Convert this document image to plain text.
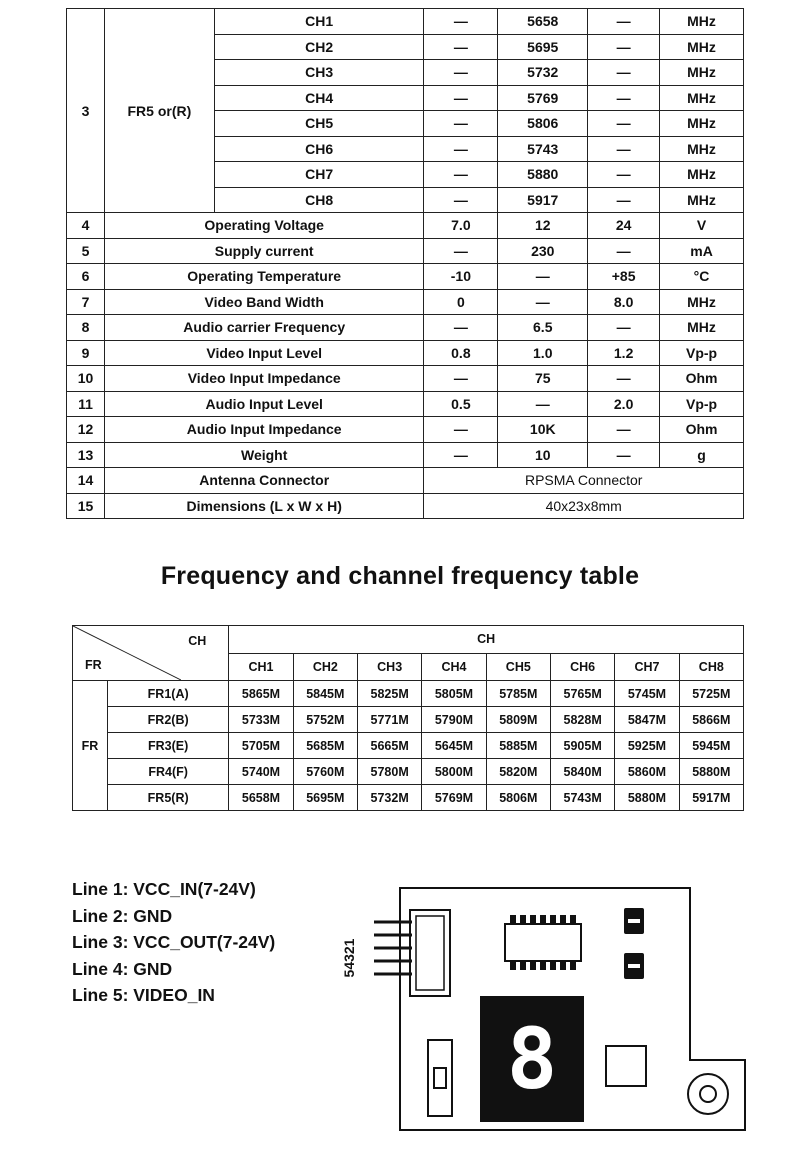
3	FR5 or(R)	CH1	—	5658	—	MHz
		CH2	—	5695	—	MHz
		CH3	—	5732	—	MHz
		CH4	—	5769	—	MHz
		CH5	—	5806	—	MHz
		CH6	—	5743	—	MHz
		CH7	—	5880	—	MHz
		CH8	—	5917	—	MHz
4	Operating Voltage		7.0	12	24	V
5	Supply current		—	230	—	mA
6	Operating Temperature		-10	—	+85	°C
7	Video Band Width		0	—	8.0	MHz
8	Audio carrier Frequency		—	6.5	—	MHz
9	Video Input Level		0.8	1.0	1.2	Vp-p
10	Video Input Impedance		—	75	—	Ohm
11	Audio Input Level		0.5	—	2.0	Vp-p
12	Audio Input Impedance		—	10K	—	Ohm
13	Weight		—	10	—	g
14	Antenna Connector		RPSMA Connector			
15	Dimensions (L x W x H)		40x23x8mm			
Frequency and channel frequency table
CH
FR		CH							
		CH1	CH2	CH3	CH4	CH5	CH6	CH7	CH8
FR	FR1(A)	5865M	5845M	5825M	5805M	5785M	5765M	5745M	5725M
	FR2(B)	5733M	5752M	5771M	5790M	5809M	5828M	5847M	5866M
	FR3(E)	5705M	5685M	5665M	5645M	5885M	5905M	5925M	5945M
	FR4(F)	5740M	5760M	5780M	5800M	5820M	5840M	5860M	5880M
	FR5(R)	5658M	5695M	5732M	5769M	5806M	5743M	5880M	5917M
Line 1: VCC_IN(7-24V)
Line 2: GND
Line 3: VCC_OUT(7-24V)
Line 4: GND
Line 5: VIDEO_IN
54321
8
